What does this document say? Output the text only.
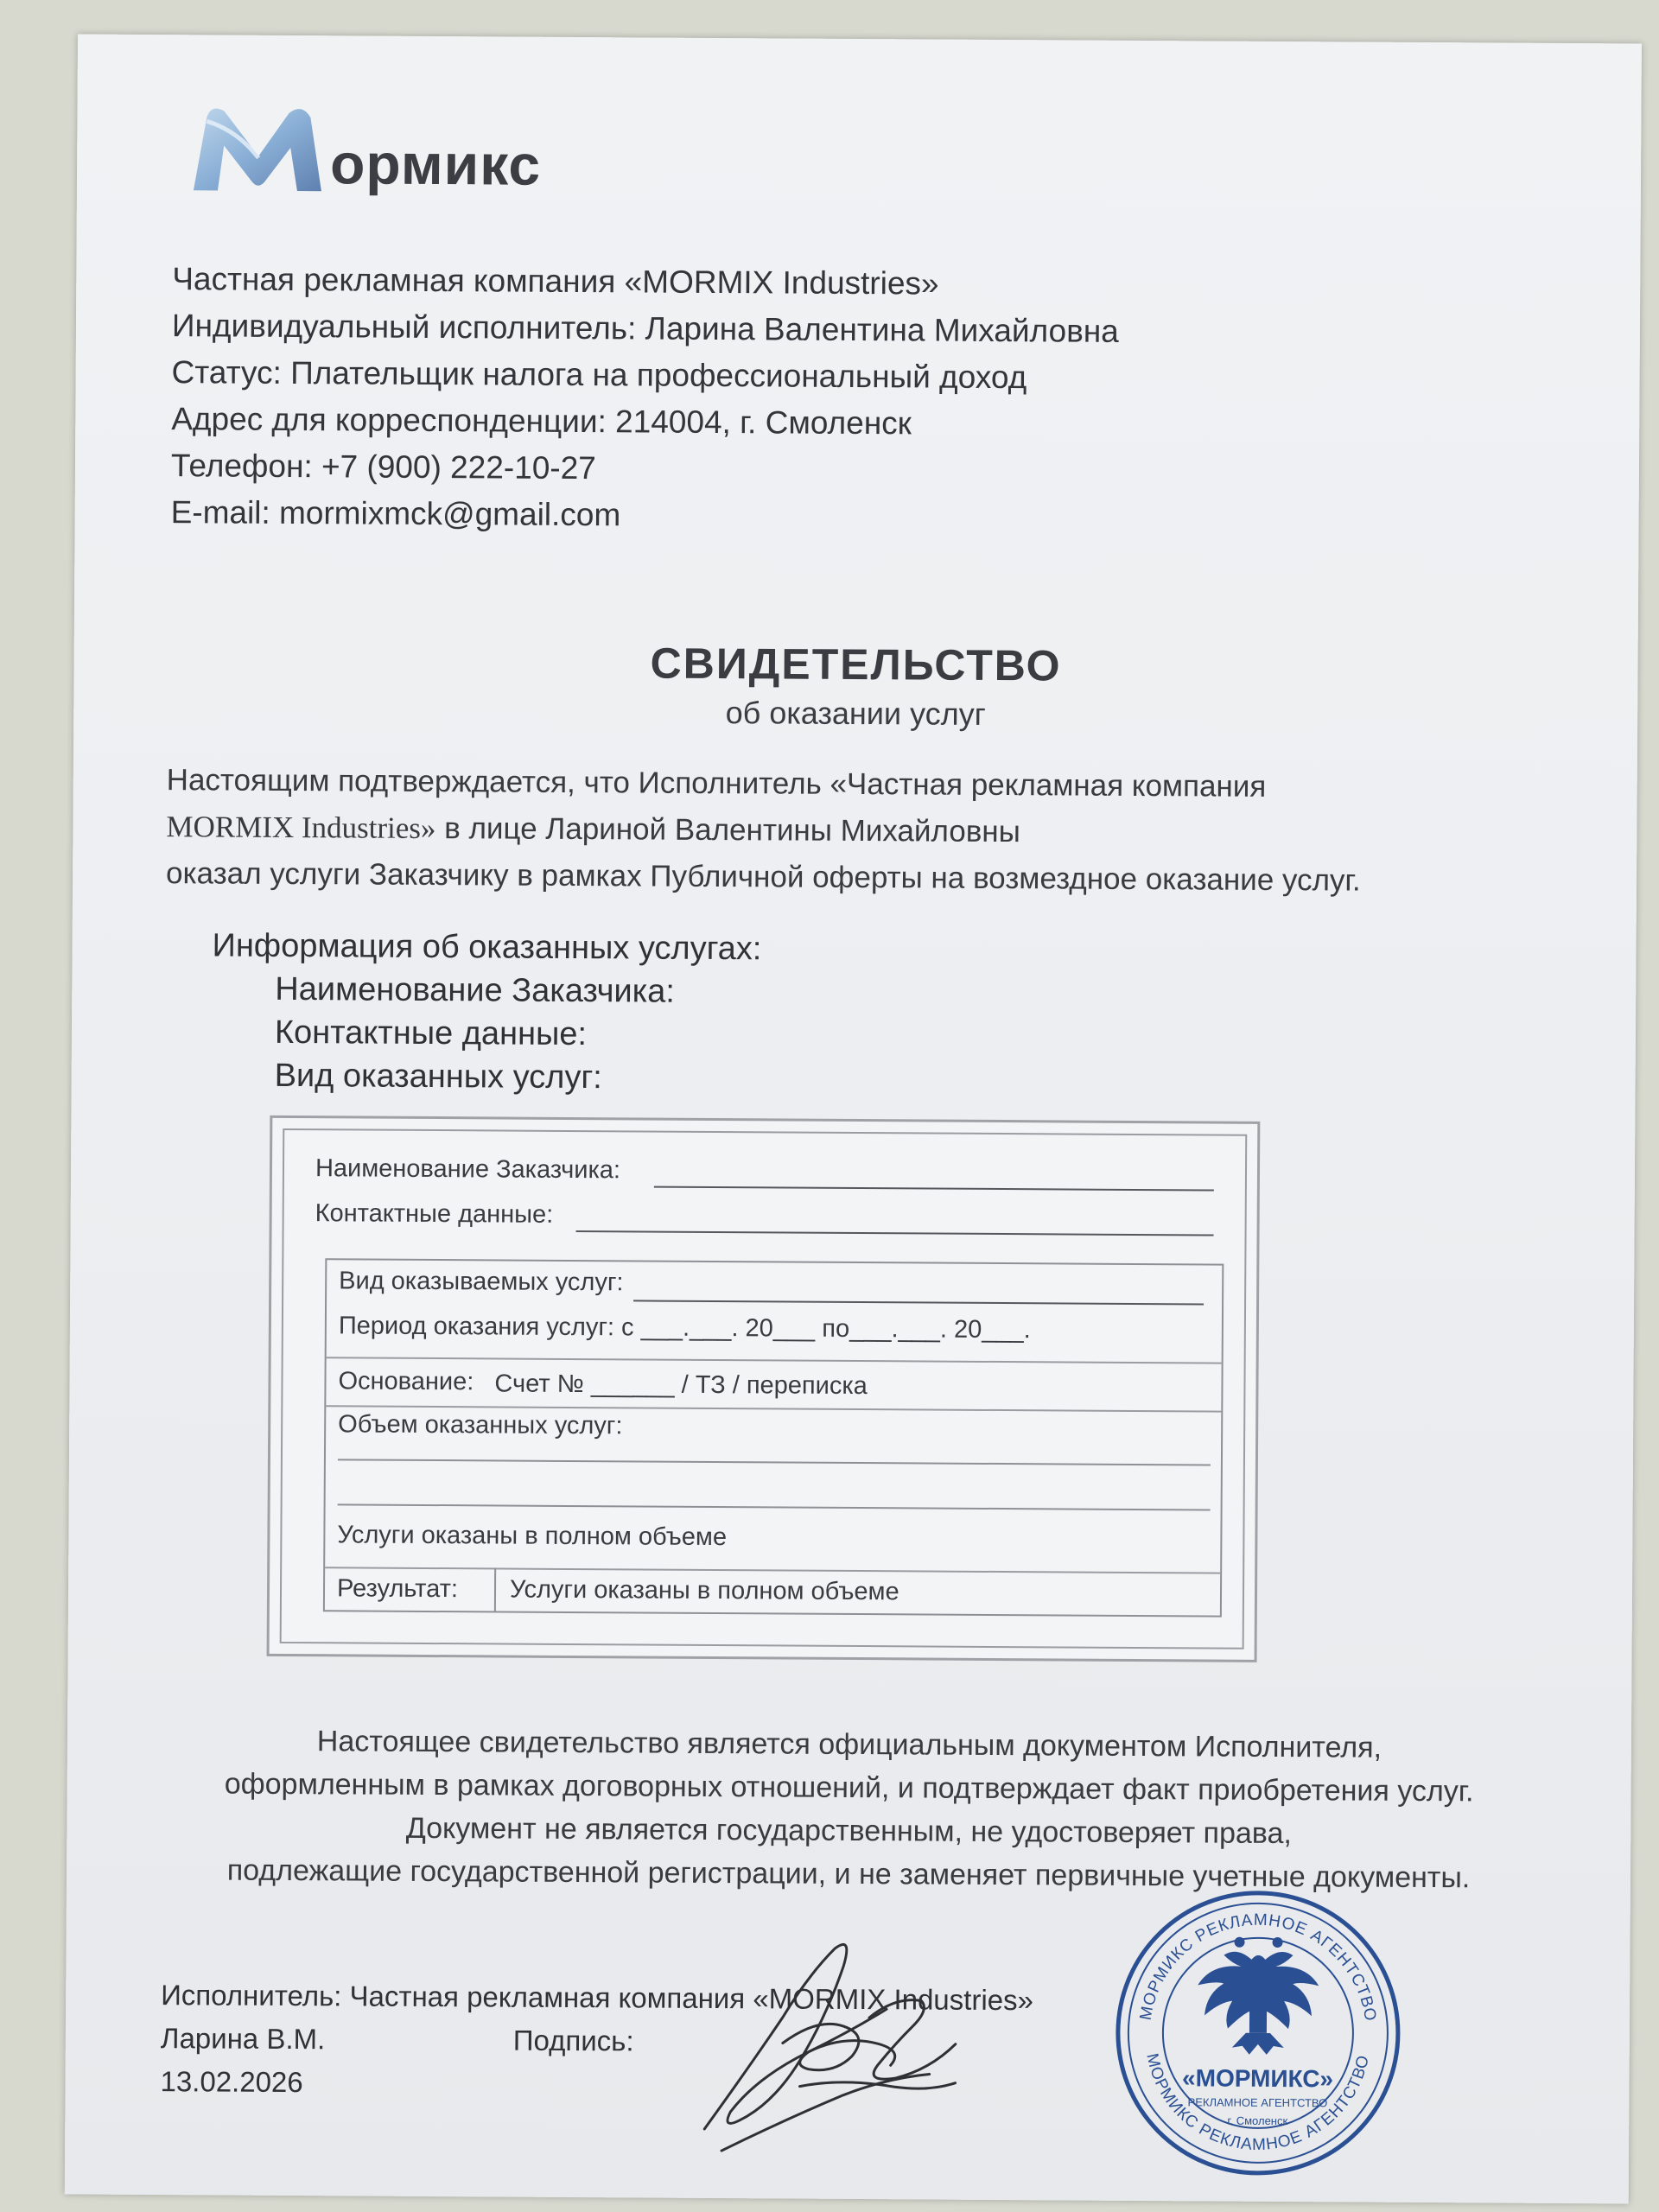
ормикс
Частная рекламная компания «MORMIX Industries»
Индивидуальный исполнитель: Ларина Валентина Михайловна
Статус: Плательщик налога на профессиональный доход
Адрес для корреспонденции: 214004, г. Смоленск
Телефон: +7 (900) 222-10-27
E-mail: mormixmck@gmail.com
СВИДЕТЕЛЬСТВО
об оказании услуг
Настоящим подтверждается, что Исполнитель «Частная рекламная компания
MORMIX Industries» в лице Лариной Валентины Михайловны
оказал услуги Заказчику в рамках Публичной оферты на возмездное оказание услуг.
Информация об оказанных услугах:
Наименование Заказчика:
Контактные данные:
Вид оказанных услуг:
Наименование Заказчика:
Контактные данные:
Вид оказываемых услуг:
Период оказания услуг: с ___.___. 20___ по___.___. 20___.
Основание: Счет № ______ / ТЗ / переписка
Объем оказанных услуг:
Услуги оказаны в полном объеме
Результат: Услуги оказаны в полном объеме
Настоящее свидетельство является официальным документом Исполнителя,
оформленным в рамках договорных отношений, и подтверждает факт приобретения услуг.
Документ не является государственным, не удостоверяет права,
подлежащие государственной регистрации, и не заменяет первичные учетные документы.
Исполнитель: Частная рекламная компания «MORMIX Industries»
Ларина В.М.	Подпись:
13.02.2026
МОРМИКС РЕКЛАМНОЕ АГЕНТСТВО
МОРМИКС РЕКЛАМНОЕ АГЕНТСТВО
«МОРМИКС»
РЕКЛАМНОЕ АГЕНТСТВО
г. Смоленск
